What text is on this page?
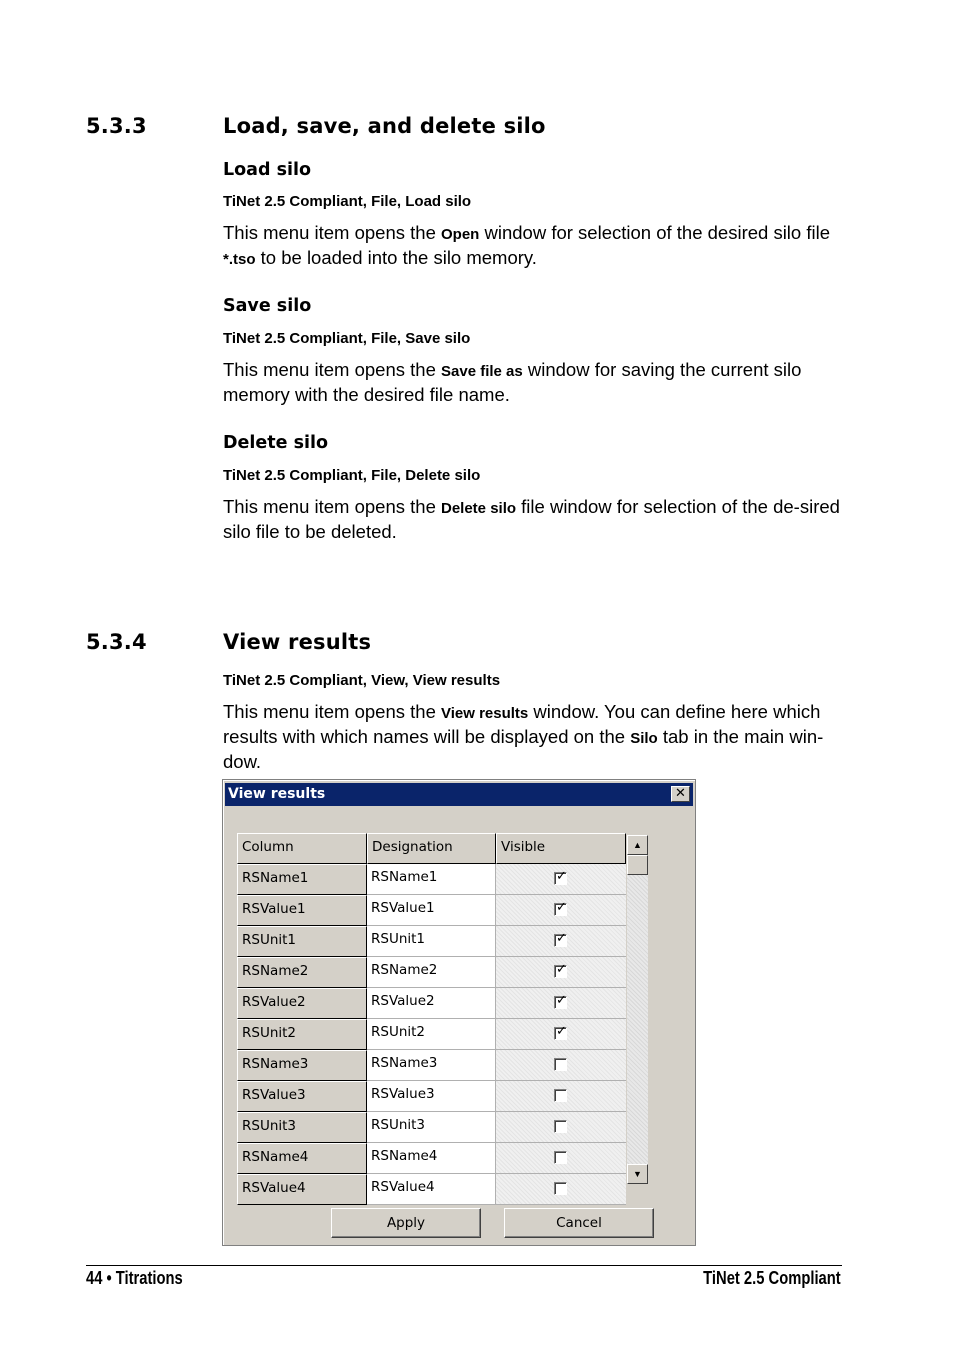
5.3.3	Load, save, and delete silo
Load silo
TiNet 2.5 Compliant, File, Load silo
This menu item opens the Open window for selection of the desired silo file *.tso to be loaded into the silo memory.
Save silo
TiNet 2.5 Compliant, File, Save silo
This menu item opens the Save file as window for saving the current silo memory with the desired file name.
Delete silo
TiNet 2.5 Compliant, File, Delete silo
This menu item opens the Delete silo file window for selection of the de-sired silo file to be deleted.
5.3.4	View results
TiNet 2.5 Compliant, View, View results
This menu item opens the View results window. You can define here which results with which names will be displayed on the Silo tab in the main win-dow.
View results	✕
Column	Designation	Visible
RSName1	RSName1	✓
RSValue1	RSValue1	✓
RSUnit1	RSUnit1	✓
RSName2	RSName2	✓
RSValue2	RSValue2	✓
RSUnit2	RSUnit2	✓
RSName3	RSName3
RSValue3	RSValue3
RSUnit3	RSUnit3
RSName4	RSName4
RSValue4	RSValue4
▲
▼
Apply	Cancel
44 • Titrations	TiNet 2.5 Compliant
